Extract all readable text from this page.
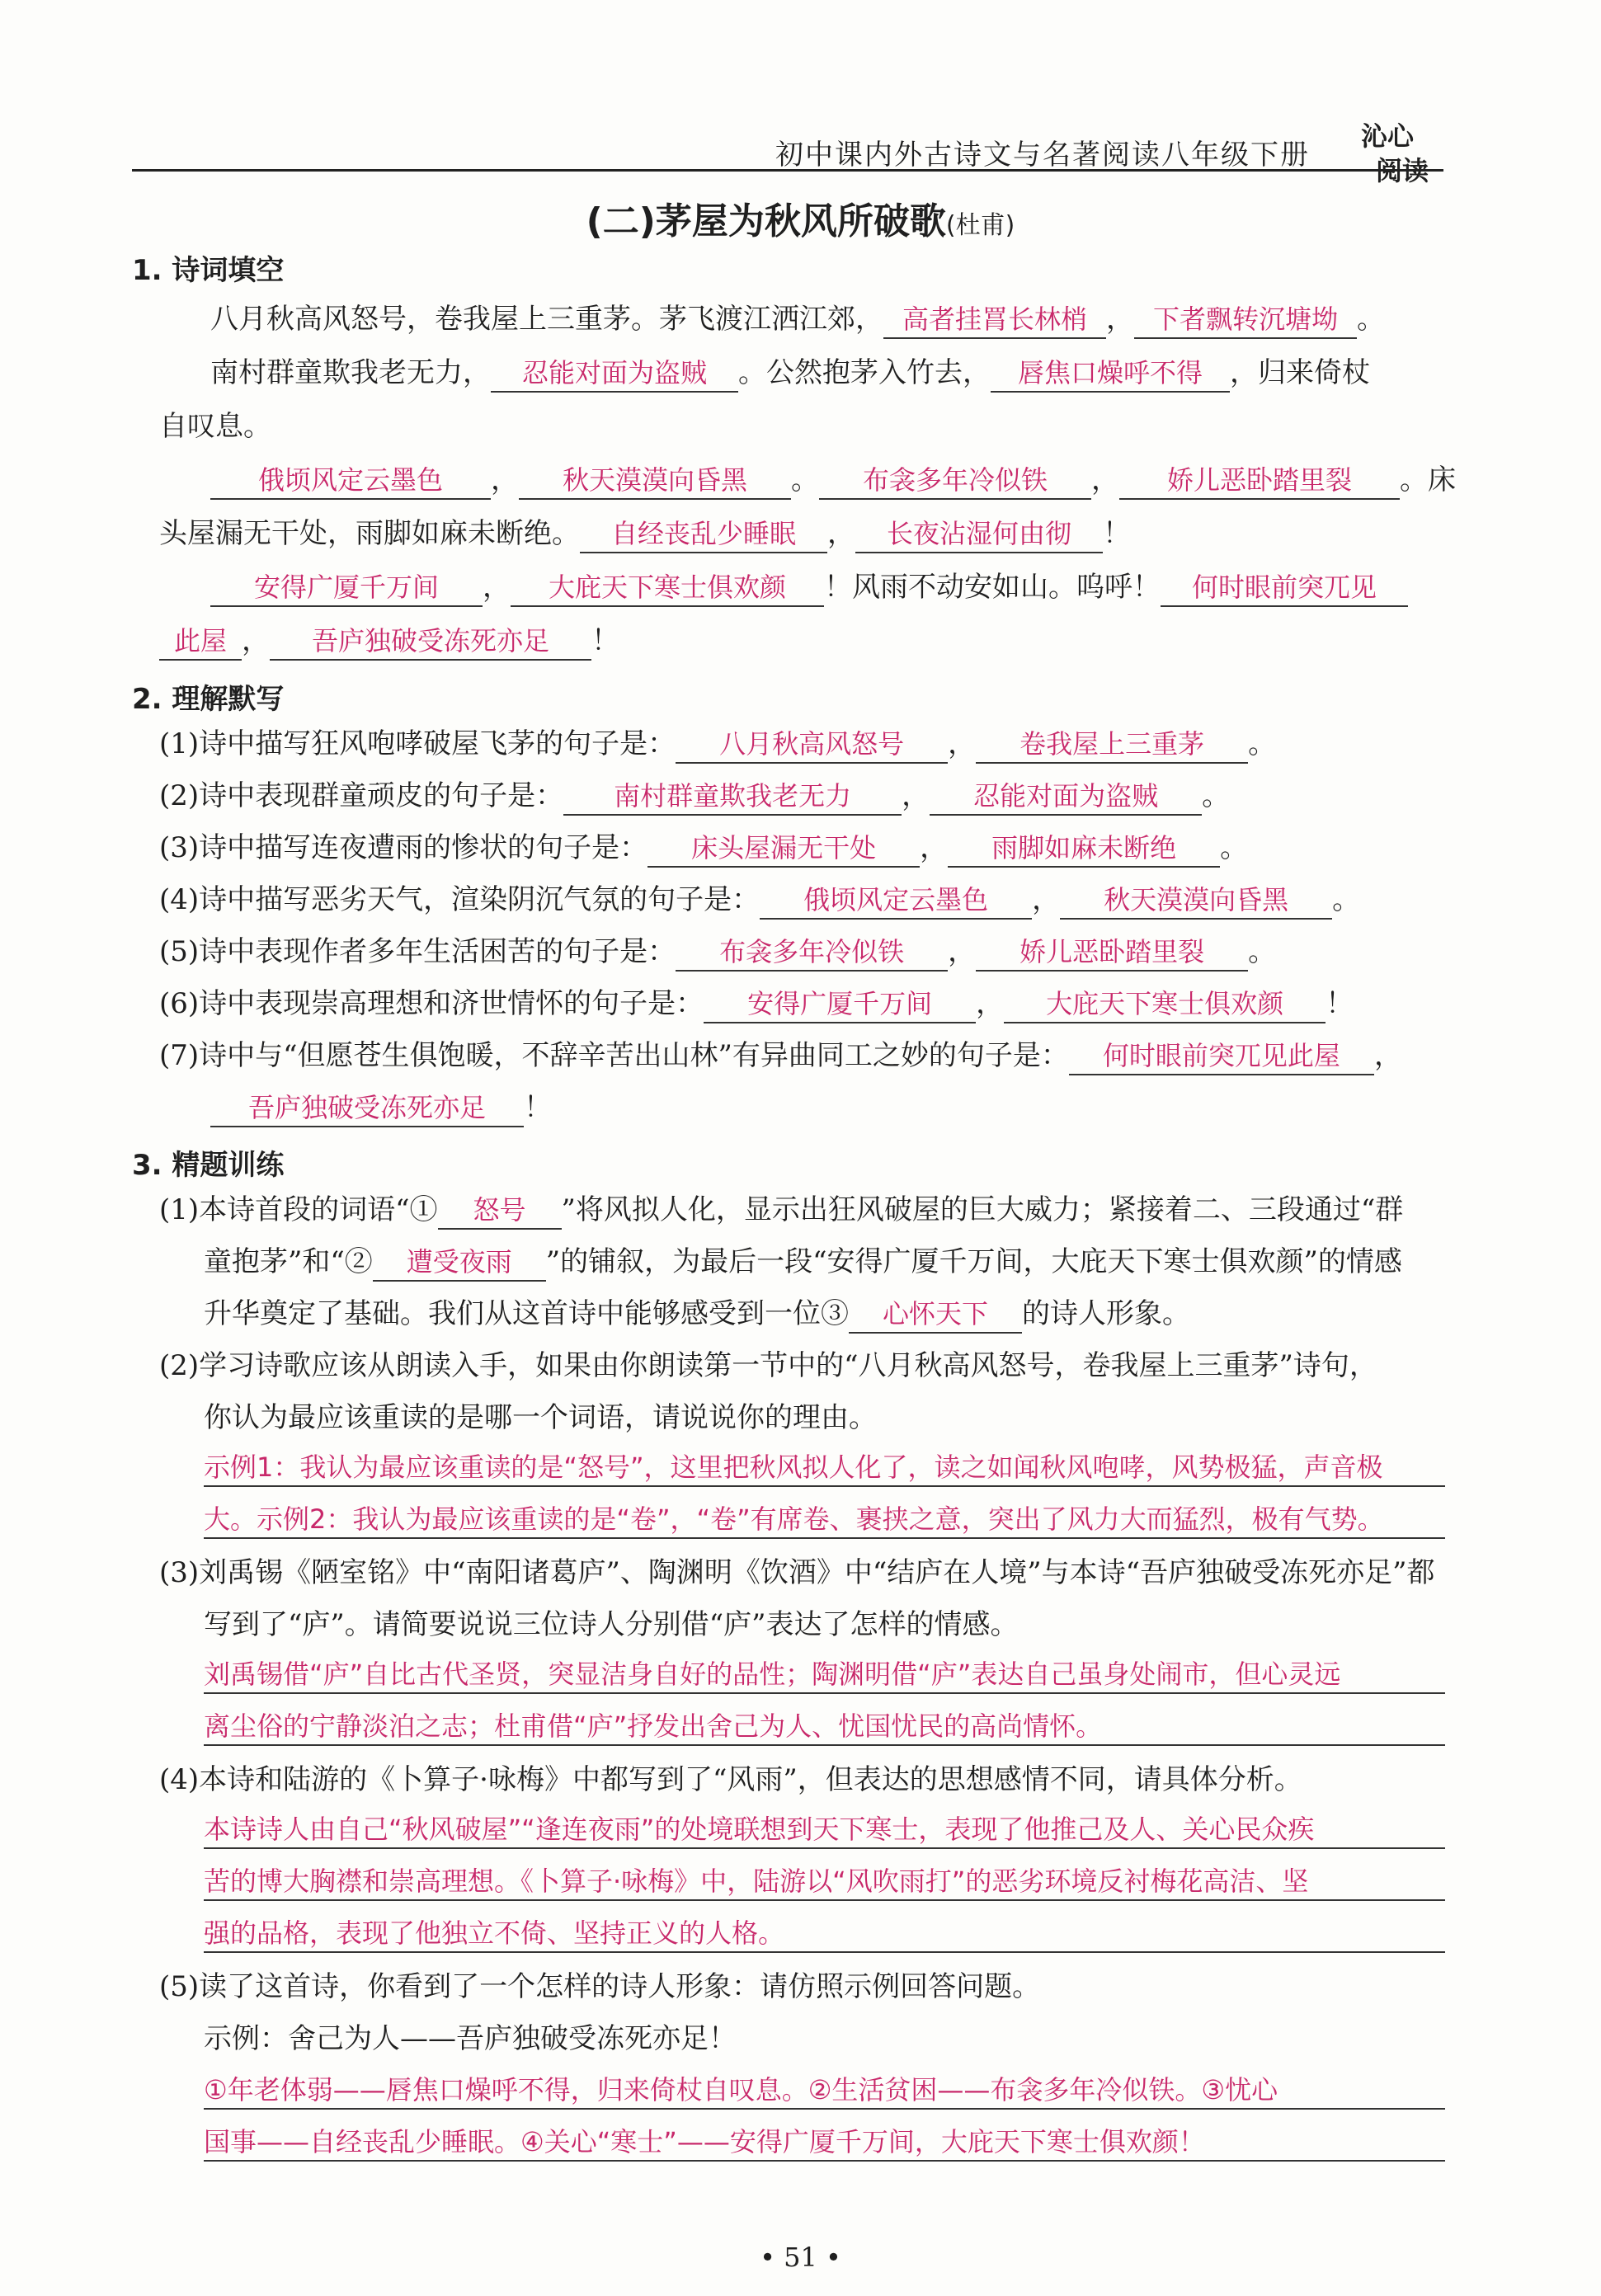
初中课内外古诗文与名著阅读八年级下册
沁心
阅读
(二)茅屋为秋风所破歌(杜甫)
1. 诗词填空
八月秋高风怒号，卷我屋上三重茅。茅飞渡江洒江郊， 高者挂罥长林梢 ， 下者飘转沉塘坳 。
南村群童欺我老无力， 忍能对面为盗贼 。公然抱茅入竹去， 唇焦口燥呼不得 ，归来倚杖
自叹息。
俄顷风定云墨色 ， 秋天漠漠向昏黑 。 布衾多年冷似铁 ， 娇儿恶卧踏里裂 。床
头屋漏无干处，雨脚如麻未断绝。 自经丧乱少睡眠 ， 长夜沾湿何由彻 ！
安得广厦千万间 ， 大庇天下寒士俱欢颜 ！风雨不动安如山。呜呼！ 何时眼前突兀见
此屋 ， 吾庐独破受冻死亦足 ！
2. 理解默写
(1)诗中描写狂风咆哮破屋飞茅的句子是： 八月秋高风怒号 ， 卷我屋上三重茅 。
(2)诗中表现群童顽皮的句子是： 南村群童欺我老无力 ， 忍能对面为盗贼 。
(3)诗中描写连夜遭雨的惨状的句子是： 床头屋漏无干处 ， 雨脚如麻未断绝 。
(4)诗中描写恶劣天气，渲染阴沉气氛的句子是： 俄顷风定云墨色 ， 秋天漠漠向昏黑 。
(5)诗中表现作者多年生活困苦的句子是： 布衾多年冷似铁 ， 娇儿恶卧踏里裂 。
(6)诗中表现崇高理想和济世情怀的句子是： 安得广厦千万间 ， 大庇天下寒士俱欢颜 ！
(7)诗中与“但愿苍生俱饱暖，不辞辛苦出山林”有异曲同工之妙的句子是： 何时眼前突兀见此屋 ，
吾庐独破受冻死亦足 ！
3. 精题训练
(1)本诗首段的词语“① 怒号 ”将风拟人化，显示出狂风破屋的巨大威力；紧接着二、三段通过“群
童抱茅”和“② 遭受夜雨 ”的铺叙，为最后一段“安得广厦千万间，大庇天下寒士俱欢颜”的情感
升华奠定了基础。我们从这首诗中能够感受到一位③ 心怀天下 的诗人形象。
(2)学习诗歌应该从朗读入手，如果由你朗读第一节中的“八月秋高风怒号，卷我屋上三重茅”诗句，
你认为最应该重读的是哪一个词语，请说说你的理由。
示例1：我认为最应该重读的是“怒号”，这里把秋风拟人化了，读之如闻秋风咆哮，风势极猛，声音极
大。示例2：我认为最应该重读的是“卷”，“卷”有席卷、裹挟之意，突出了风力大而猛烈，极有气势。
(3)刘禹锡《陋室铭》中“南阳诸葛庐”、陶渊明《饮酒》中“结庐在人境”与本诗“吾庐独破受冻死亦足”都
写到了“庐”。请简要说说三位诗人分别借“庐”表达了怎样的情感。
刘禹锡借“庐”自比古代圣贤，突显洁身自好的品性；陶渊明借“庐”表达自己虽身处闹市，但心灵远
离尘俗的宁静淡泊之志；杜甫借“庐”抒发出舍己为人、忧国忧民的高尚情怀。
(4)本诗和陆游的《卜算子·咏梅》中都写到了“风雨”，但表达的思想感情不同，请具体分析。
本诗诗人由自己“秋风破屋”“逢连夜雨”的处境联想到天下寒士，表现了他推己及人、关心民众疾
苦的博大胸襟和崇高理想。《卜算子·咏梅》中，陆游以“风吹雨打”的恶劣环境反衬梅花高洁、坚
强的品格，表现了他独立不倚、坚持正义的人格。
(5)读了这首诗，你看到了一个怎样的诗人形象：请仿照示例回答问题。
示例：舍己为人——吾庐独破受冻死亦足！
①年老体弱——唇焦口燥呼不得，归来倚杖自叹息。②生活贫困——布衾多年冷似铁。③忧心
国事——自经丧乱少睡眠。④关心“寒士”——安得广厦千万间，大庇天下寒士俱欢颜！
• 51 •
